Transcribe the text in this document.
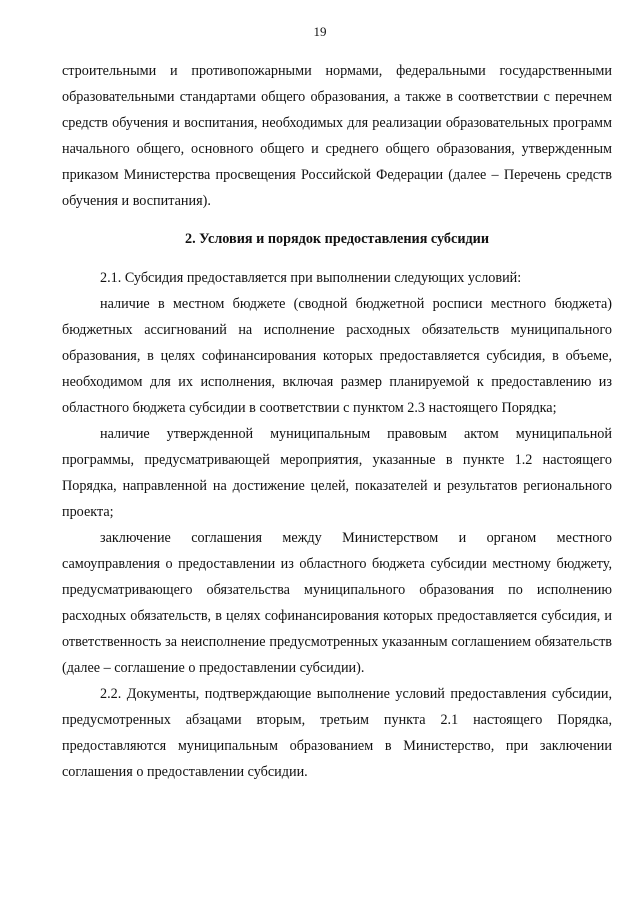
19

строительными и противопожарными нормами, федеральными государственными образовательными стандартами общего образования, а также в соответствии с перечнем средств обучения и воспитания, необходимых для реализации образовательных программ начального общего, основного общего и среднего общего образования, утвержденным приказом Министерства просвещения Российской Федерации (далее – Перечень средств обучения и воспитания).

2. Условия и порядок предоставления субсидии

2.1. Субсидия предоставляется при выполнении следующих условий:

наличие в местном бюджете (сводной бюджетной росписи местного бюджета) бюджетных ассигнований на исполнение расходных обязательств муниципального образования, в целях софинансирования которых предоставляется субсидия, в объеме, необходимом для их исполнения, включая размер планируемой к предоставлению из областного бюджета субсидии в соответствии с пунктом 2.3 настоящего Порядка;

наличие утвержденной муниципальным правовым актом муниципальной программы, предусматривающей мероприятия, указанные в пункте 1.2 настоящего Порядка, направленной на достижение целей, показателей и результатов регионального проекта;

заключение соглашения между Министерством и органом местного самоуправления о предоставлении из областного бюджета субсидии местному бюджету, предусматривающего обязательства муниципального образования по исполнению расходных обязательств, в целях софинансирования которых предоставляется субсидия, и ответственность за неисполнение предусмотренных указанным соглашением обязательств (далее – соглашение о предоставлении субсидии).

2.2. Документы, подтверждающие выполнение условий предоставления субсидии, предусмотренных абзацами вторым, третьим пункта 2.1 настоящего Порядка, предоставляются муниципальным образованием в Министерство, при заключении соглашения о предоставлении субсидии.
